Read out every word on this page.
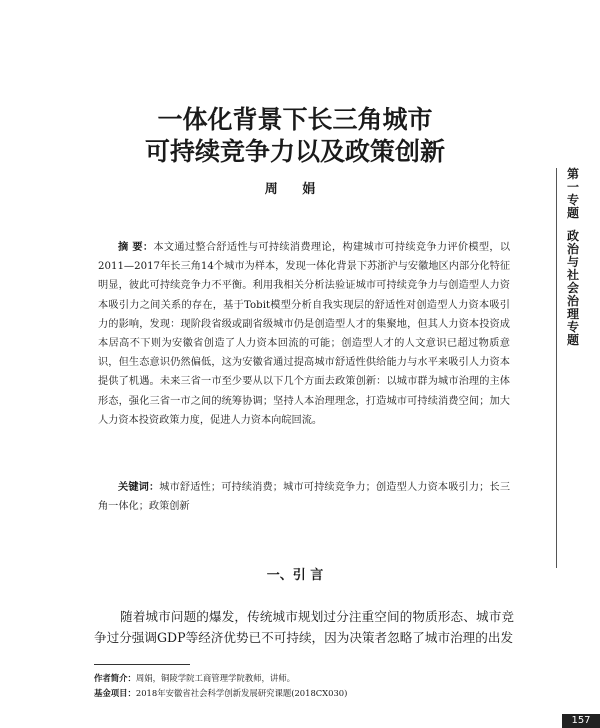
一体化背景下长三角城市
可持续竞争力以及政策创新
周 娟
摘 要：本文通过整合舒适性与可持续消费理论，构建城市可持续竞争力评价模型，以2011—2017年长三角14个城市为样本，发现一体化背景下苏浙沪与安徽地区内部分化特征明显，彼此可持续竞争力不平衡。利用我相关分析法验证城市可持续竞争力与创造型人力资本吸引力之间关系的存在，基于Tobit模型分析自我实现层的舒适性对创造型人力资本吸引力的影响，发现：现阶段省级或副省级城市仍是创造型人才的集聚地，但其人力资本投资成本居高不下则为安徽省创造了人力资本回流的可能；创造型人才的人文意识已超过物质意识，但生态意识仍然偏低，这为安徽省通过提高城市舒适性供给能力与水平来吸引人力资本提供了机遇。未来三省一市至少要从以下几个方面去政策创新：以城市群为城市治理的主体形态，强化三省一市之间的统筹协调；坚持人本治理理念，打造城市可持续消费空间；加大人力资本投资政策力度，促进人力资本向皖回流。
关键词：城市舒适性；可持续消费；城市可持续竞争力；创造型人力资本吸引力；长三角一体化；政策创新
一、引 言
随着城市问题的爆发，传统城市规划过分注重空间的物质形态、城市竞争过分强调GDP等经济优势已不可持续，因为决策者忽略了城市治理的出发
作者简介：周娟，铜陵学院工商管理学院教师，讲师。
基金项目：2018年安徽省社会科学创新发展研究课题(2018CX030)
第
一
专
题
政
治
与
社
会
治
理
专
题
157
